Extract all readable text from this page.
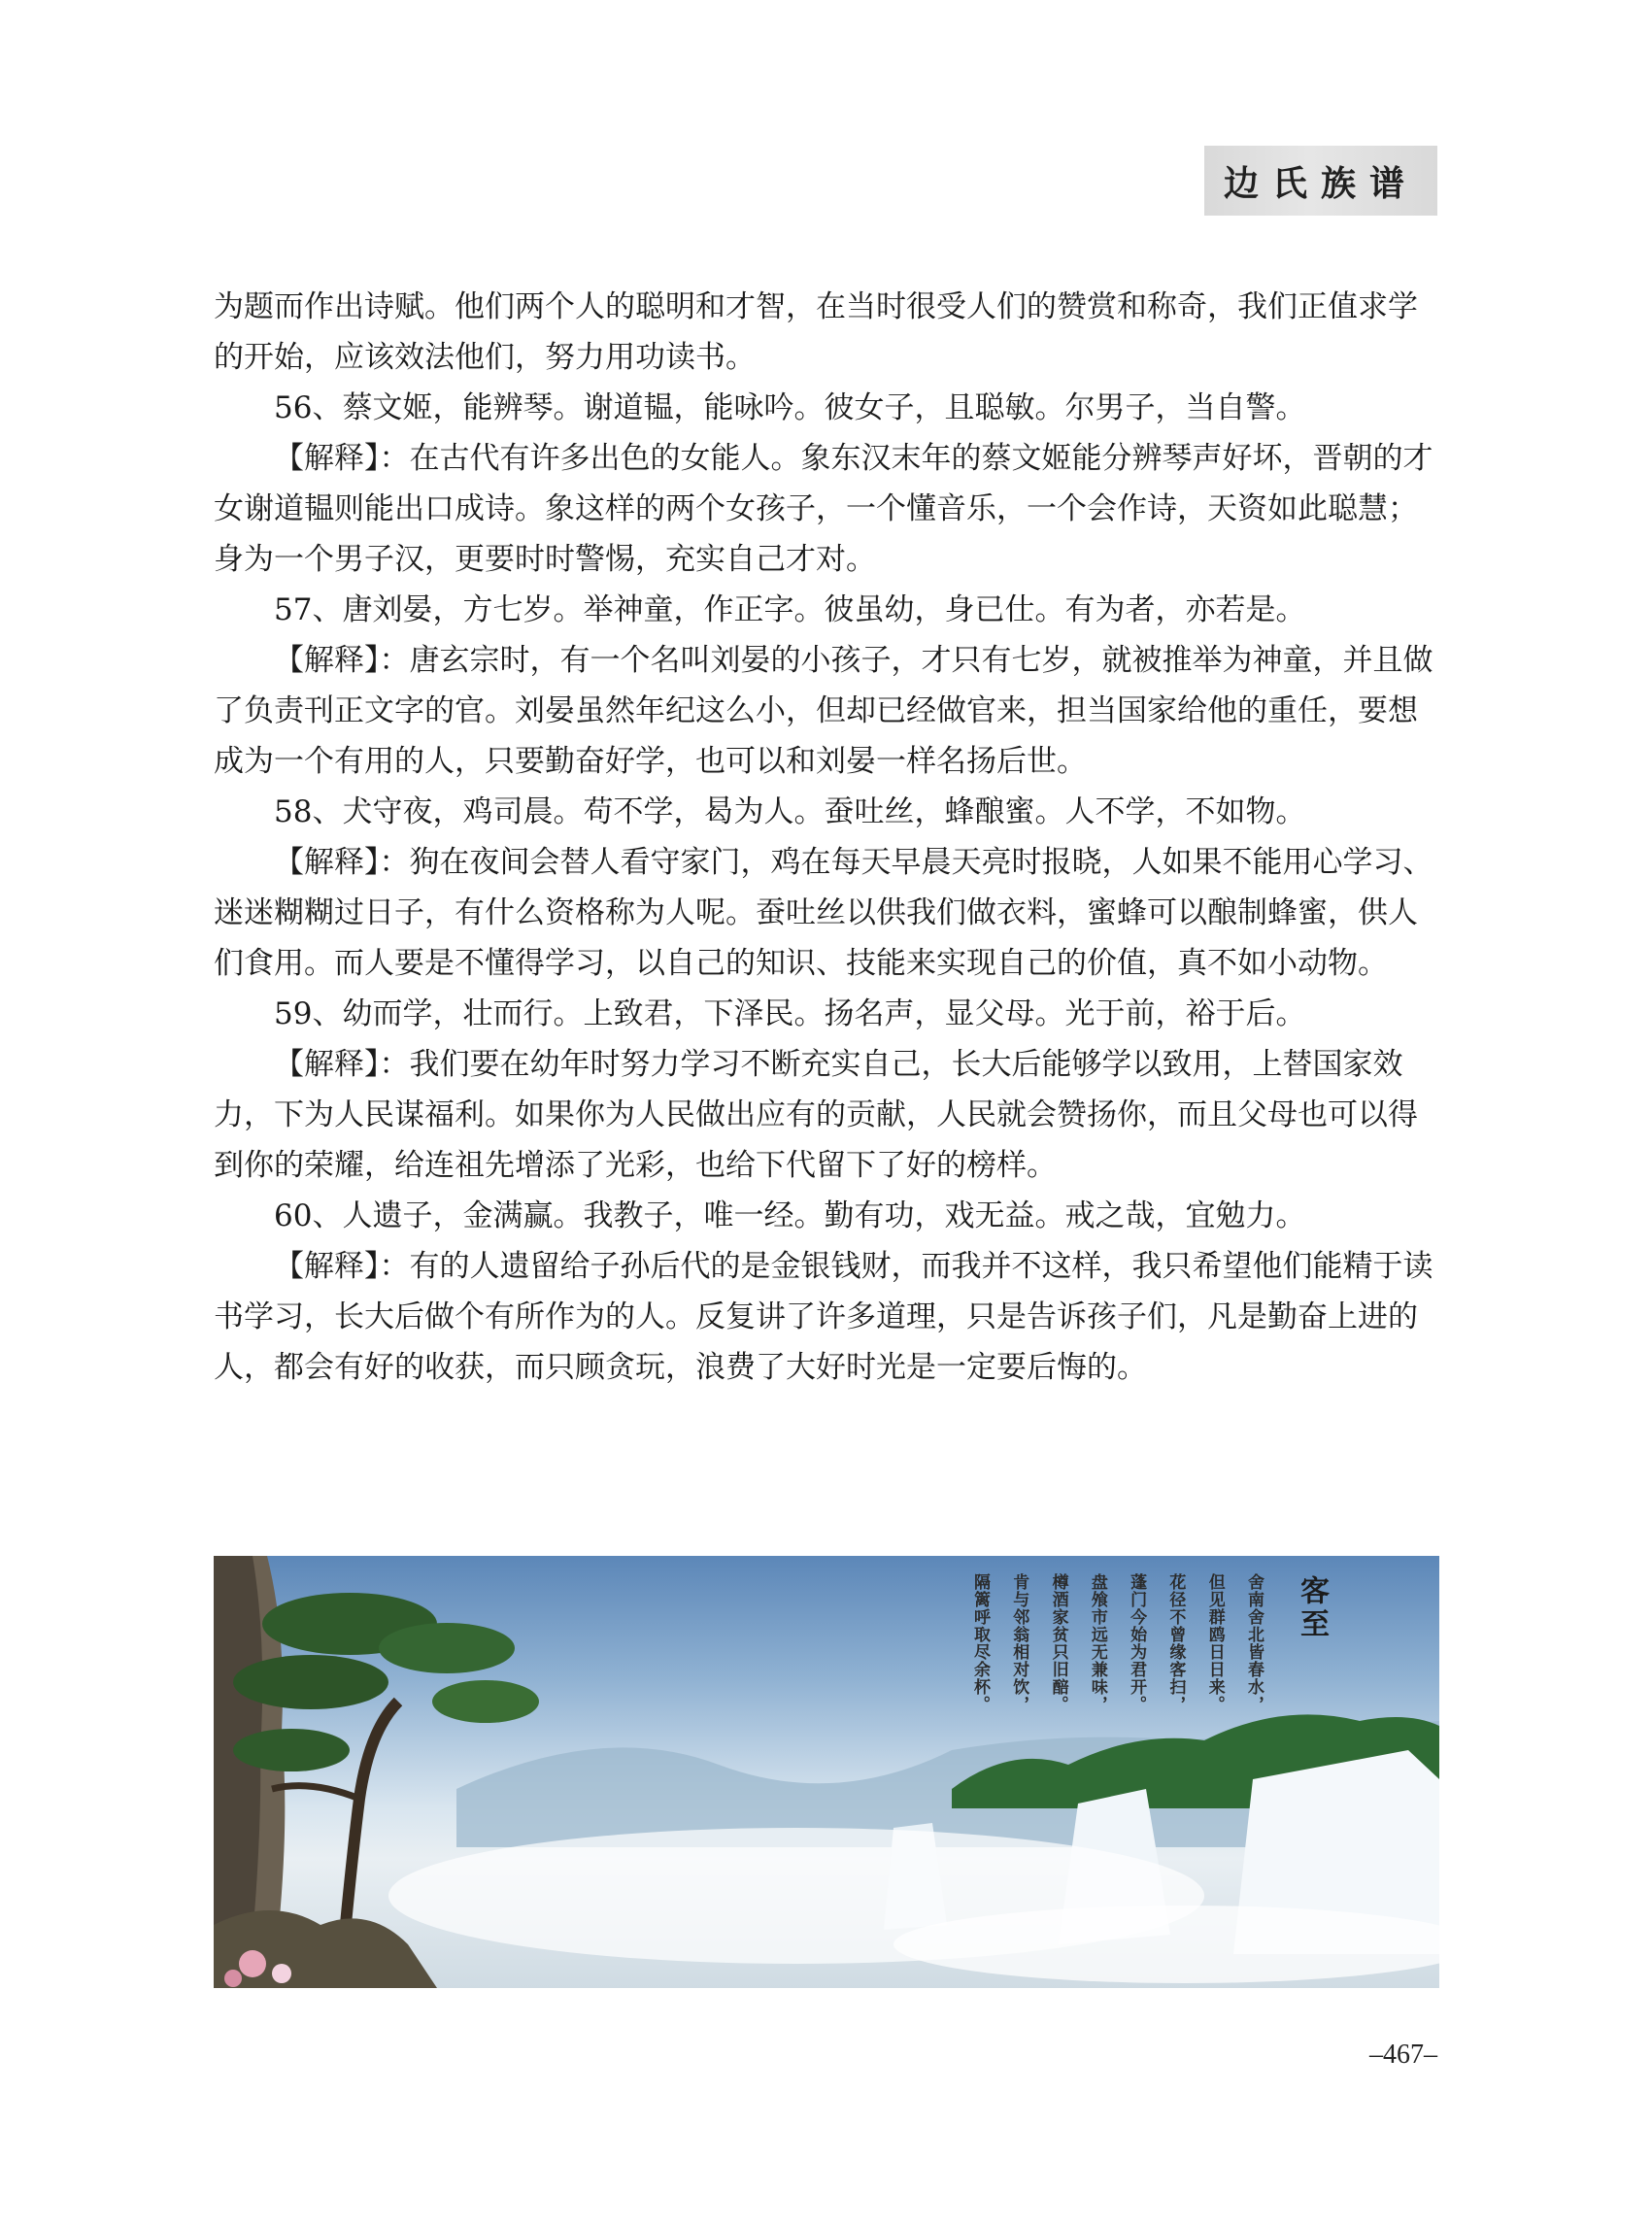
边氏族谱

为题而作出诗赋。他们两个人的聪明和才智，在当时很受人们的赞赏和称奇，我们正值求学的开始，应该效法他们，努力用功读书。

56、蔡文姬，能辨琴。谢道韫，能咏吟。彼女子，且聪敏。尔男子，当自警。

【解释】：在古代有许多出色的女能人。象东汉末年的蔡文姬能分辨琴声好坏，晋朝的才女谢道韫则能出口成诗。象这样的两个女孩子，一个懂音乐，一个会作诗，天资如此聪慧；身为一个男子汉，更要时时警惕，充实自己才对。

57、唐刘晏，方七岁。举神童，作正字。彼虽幼，身已仕。有为者，亦若是。

【解释】：唐玄宗时，有一个名叫刘晏的小孩子，才只有七岁，就被推举为神童，并且做了负责刊正文字的官。刘晏虽然年纪这么小，但却已经做官来，担当国家给他的重任，要想成为一个有用的人，只要勤奋好学，也可以和刘晏一样名扬后世。

58、犬守夜，鸡司晨。苟不学，曷为人。蚕吐丝，蜂酿蜜。人不学，不如物。

【解释】：狗在夜间会替人看守家门，鸡在每天早晨天亮时报晓，人如果不能用心学习、迷迷糊糊过日子，有什么资格称为人呢。蚕吐丝以供我们做衣料，蜜蜂可以酿制蜂蜜，供人们食用。而人要是不懂得学习，以自己的知识、技能来实现自己的价值，真不如小动物。

59、幼而学，壮而行。上致君，下泽民。扬名声，显父母。光于前，裕于后。

【解释】：我们要在幼年时努力学习不断充实自己，长大后能够学以致用，上替国家效力，下为人民谋福利。如果你为人民做出应有的贡献，人民就会赞扬你，而且父母也可以得到你的荣耀，给连祖先增添了光彩，也给下代留下了好的榜样。

60、人遗子，金满赢。我教子，唯一经。勤有功，戏无益。戒之哉，宜勉力。

【解释】：有的人遗留给子孙后代的是金银钱财，而我并不这样，我只希望他们能精于读书学习，长大后做个有所作为的人。反复讲了许多道理，只是告诉孩子们，凡是勤奋上进的人，都会有好的收获，而只顾贪玩，浪费了大好时光是一定要后悔的。

客至
舍南舍北皆春水，
但见群鸥日日来。
花径不曾缘客扫，
蓬门今始为君开。
盘飧市远无兼味，
樽酒家贫只旧醅。
肯与邻翁相对饮，
隔篱呼取尽余杯。
–467–
